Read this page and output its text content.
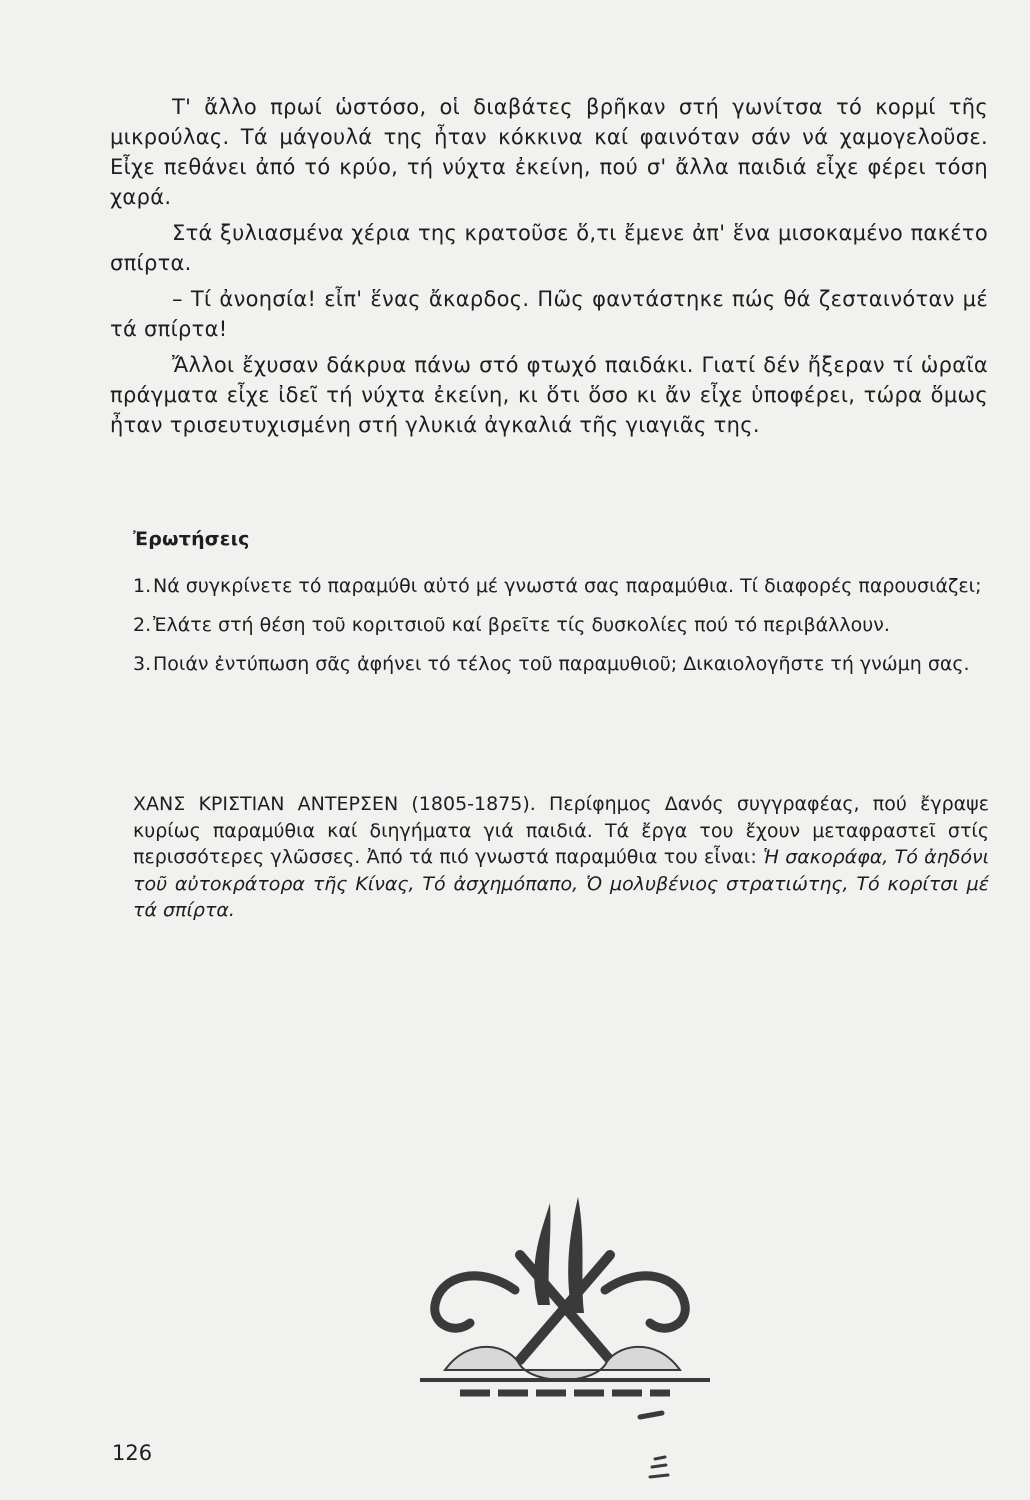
Τ' ἄλλο πρωί ὡστόσο, οἱ διαβάτες βρῆκαν στή γωνίτσα τό κορμί τῆς μικρούλας. Τά μάγουλά της ἦταν κόκκινα καί φαινόταν σάν νά χαμογελοῦσε. Εἶχε πεθάνει ἀπό τό κρύο, τή νύχτα ἐκείνη, πού σ' ἄλλα παιδιά εἶχε φέρει τόση χαρά.

Στά ξυλιασμένα χέρια της κρατοῦσε ὅ,τι ἔμενε ἀπ' ἕνα μισοκαμένο πακέτο σπίρτα.

– Τί ἀνοησία! εἶπ' ἕνας ἄκαρδος. Πῶς φαντάστηκε πώς θά ζεσταινόταν μέ τά σπίρτα!

Ἄλλοι ἔχυσαν δάκρυα πάνω στό φτωχό παιδάκι. Γιατί δέν ἤξεραν τί ὡραῖα πράγματα εἶχε ἰδεῖ τή νύχτα ἐκείνη, κι ὅτι ὅσο κι ἄν εἶχε ὑποφέρει, τώρα ὅμως ἦταν τρισευτυχισμένη στή γλυκιά ἀγκαλιά τῆς γιαγιᾶς της.

Ἐρωτήσεις
1.Νά συγκρίνετε τό παραμύθι αὐτό μέ γνωστά σας παραμύθια. Τί διαφορές παρουσιάζει;
2.Ἐλάτε στή θέση τοῦ κοριτσιοῦ καί βρεῖτε τίς δυσκολίες πού τό περιβάλλουν.
3.Ποιάν ἐντύπωση σᾶς ἀφήνει τό τέλος τοῦ παραμυθιοῦ; Δικαιολογῆστε τή γνώμη σας.
ΧΑΝΣ ΚΡΙΣΤΙΑΝ ΑΝΤΕΡΣΕΝ (1805-1875). Περίφημος Δανός συγγραφέας, πού ἔγραψε κυρίως παραμύθια καί διηγήματα γιά παιδιά. Τά ἔργα του ἔχουν μεταφραστεῖ στίς περισσότερες γλῶσσες. Ἀπό τά πιό γνωστά παραμύθια του εἶναι: Ἡ σακοράφα, Τό ἀηδόνι τοῦ αὐτοκράτορα τῆς Κίνας, Τό ἀσχημόπαπο, Ὁ μολυβένιος στρατιώτης, Τό κορίτσι μέ τά σπίρτα.
126
